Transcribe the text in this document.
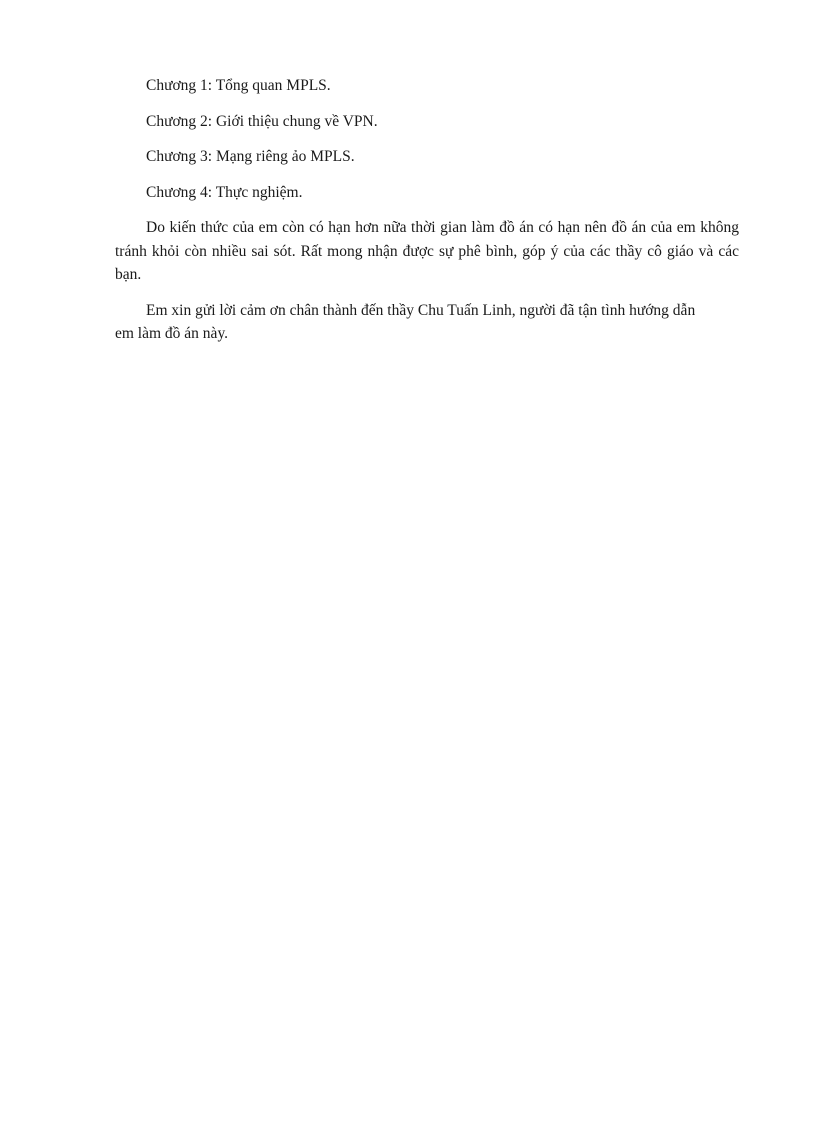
Chương 1: Tổng quan MPLS.

Chương 2: Giới thiệu chung về VPN.

Chương 3: Mạng riêng ảo MPLS.

Chương 4: Thực nghiệm.

Do kiến thức của em còn có hạn hơn nữa thời gian làm đồ án có hạn nên đồ án của em không tránh khỏi còn nhiều sai sót. Rất mong nhận được sự phê bình, góp ý của các thầy cô giáo và các bạn.

Em xin gửi lời cảm ơn chân thành đến thầy Chu Tuấn Linh, người đã tận tình hướng dẫn em làm đồ án này.
